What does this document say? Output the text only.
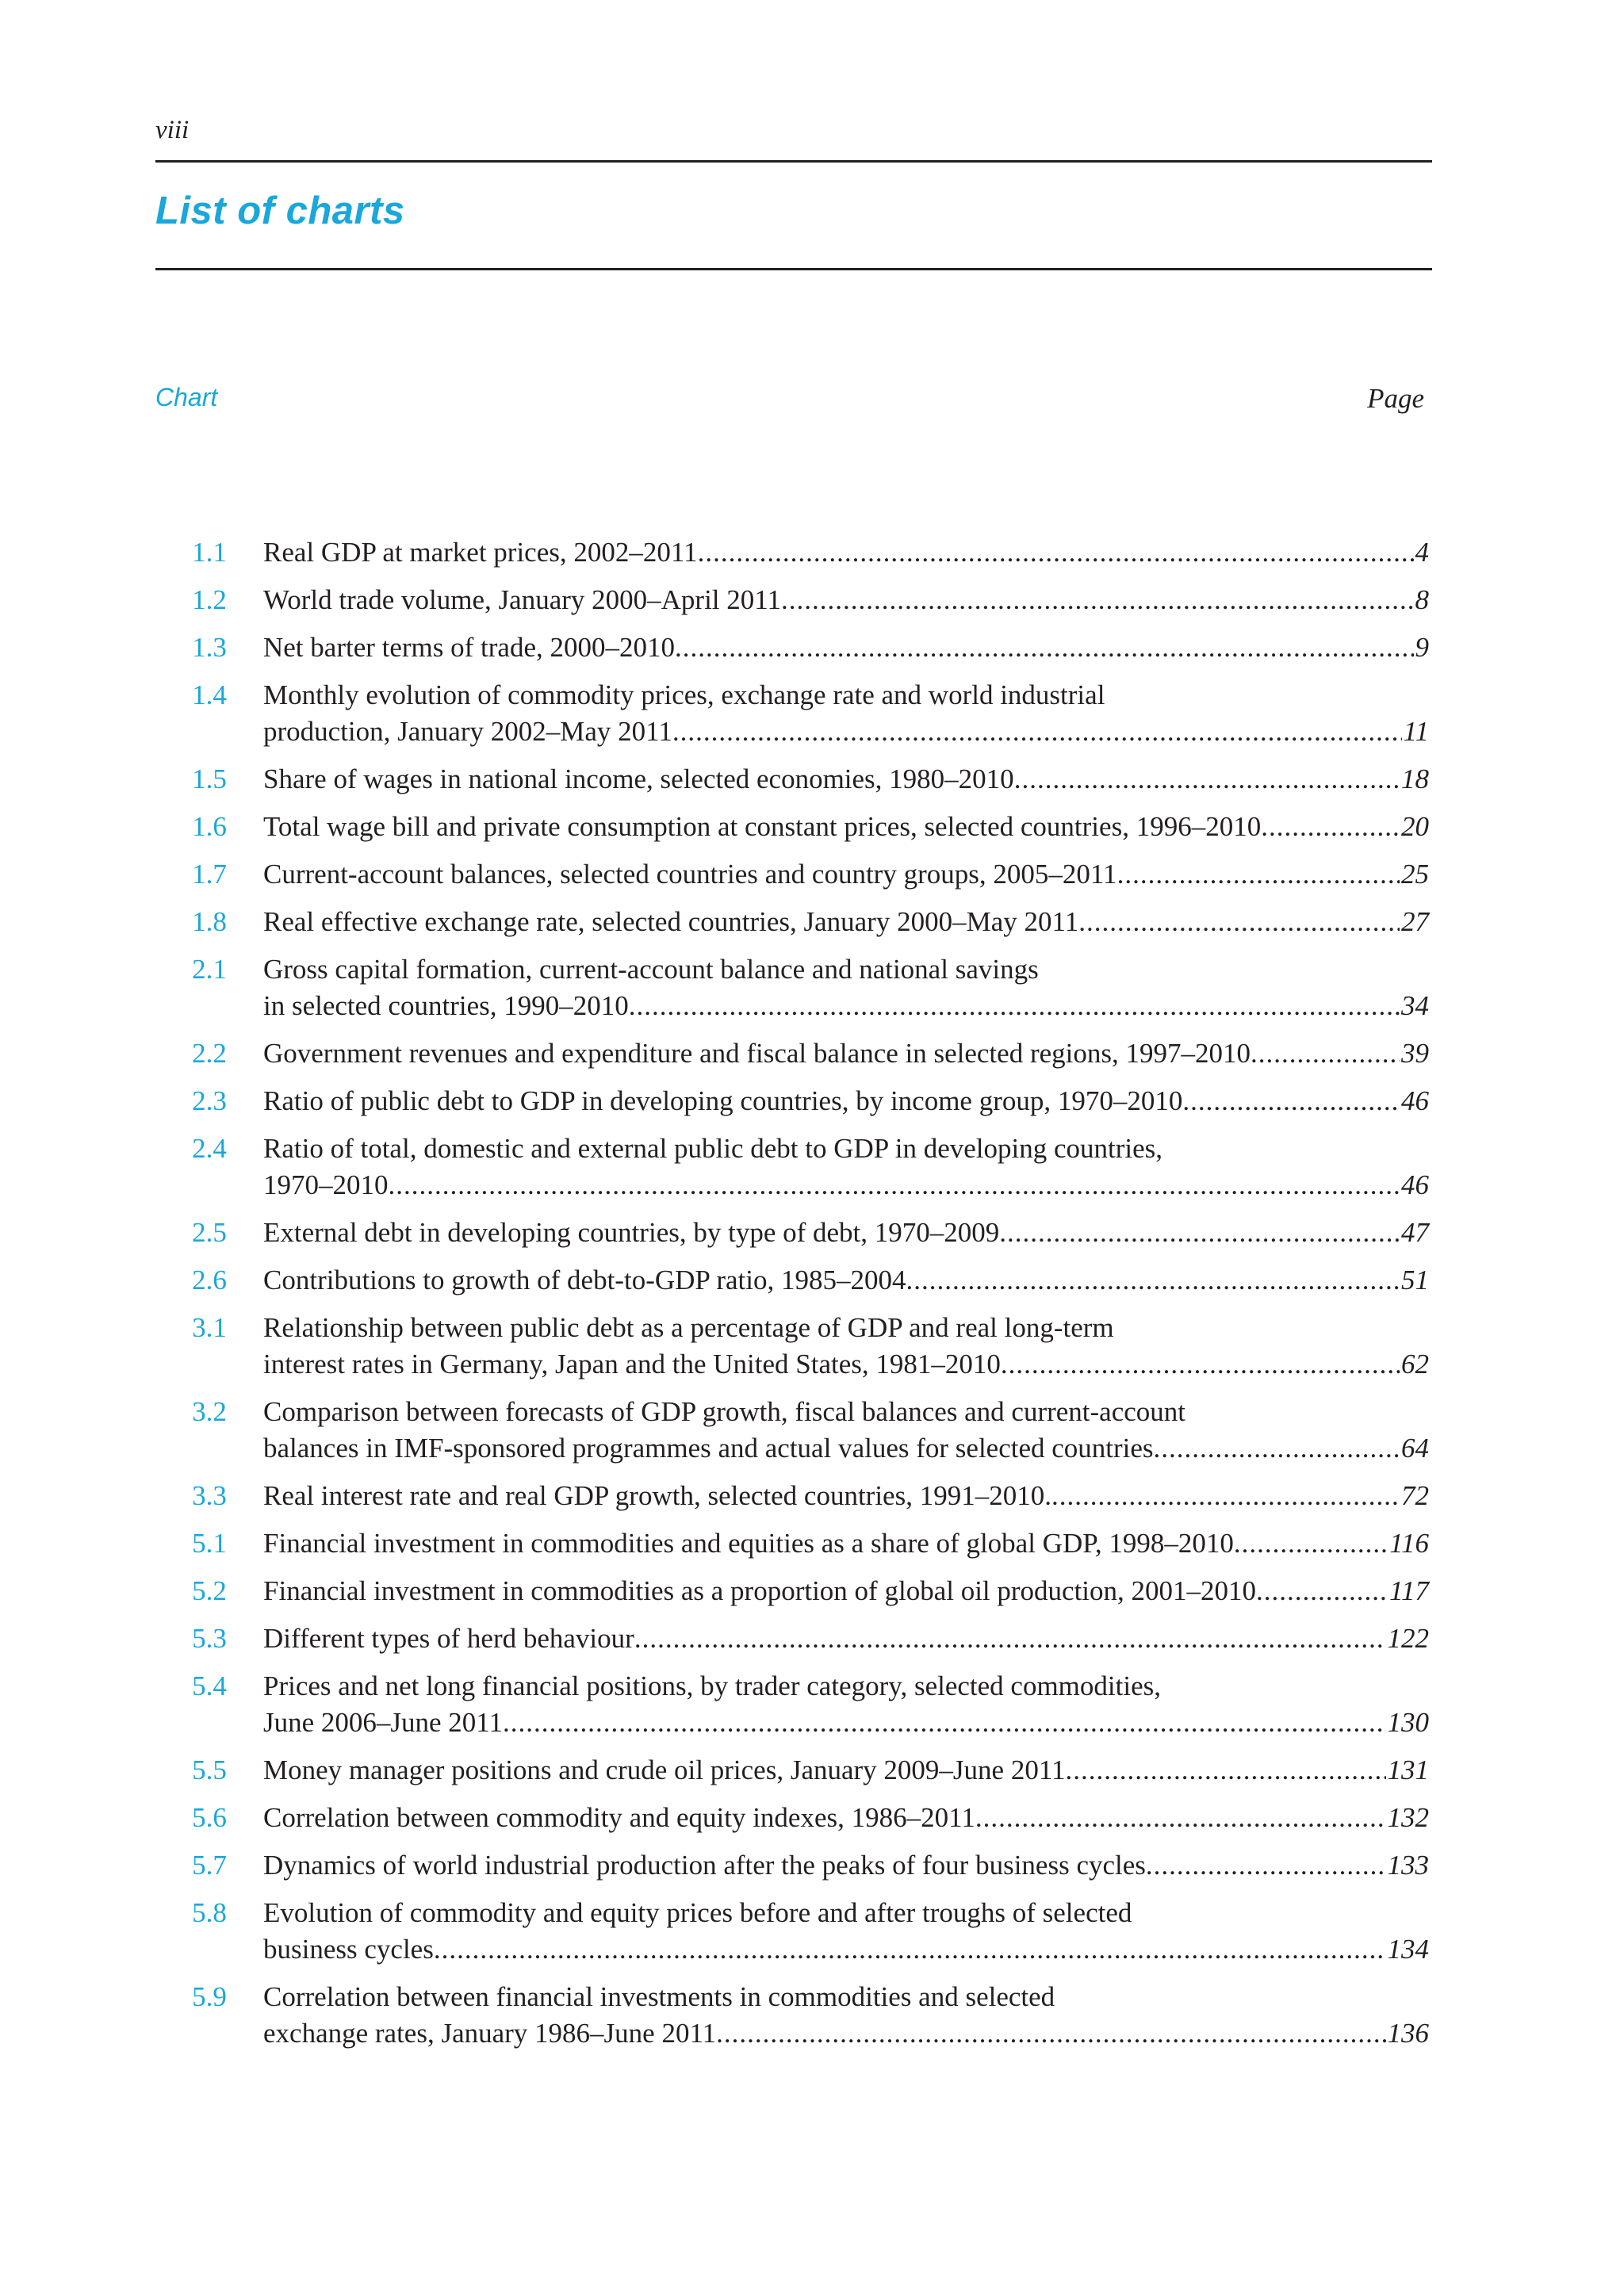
viii
List of charts
Chart	Page
1.1	Real GDP at market prices, 2002–2011 .....	4
1.2	World trade volume, January 2000–April 2011 .....	8
1.3	Net barter terms of trade, 2000–2010 .....	9
1.4	Monthly evolution of commodity prices, exchange rate and world industrial
production, January 2002–May 2011 .....	11
1.5	Share of wages in national income, selected economies, 1980–2010 .....	18
1.6	Total wage bill and private consumption at constant prices, selected countries, 1996–2010 .....	20
1.7	Current-account balances, selected countries and country groups, 2005–2011 .....	25
1.8	Real effective exchange rate, selected countries, January 2000–May 2011 .....	27
2.1	Gross capital formation, current-account balance and national savings
in selected countries, 1990–2010 .....	34
2.2	Government revenues and expenditure and fiscal balance in selected regions, 1997–2010 .....	39
2.3	Ratio of public debt to GDP in developing countries, by income group, 1970–2010 .....	46
2.4	Ratio of total, domestic and external public debt to GDP in developing countries,
1970–2010 .....	46
2.5	External debt in developing countries, by type of debt, 1970–2009 .....	47
2.6	Contributions to growth of debt-to-GDP ratio, 1985–2004 .....	51
3.1	Relationship between public debt as a percentage of GDP and real long-term
interest rates in Germany, Japan and the United States, 1981–2010 .....	62
3.2	Comparison between forecasts of GDP growth, fiscal balances and current-account
balances in IMF-sponsored programmes and actual values for selected countries .....	64
3.3	Real interest rate and real GDP growth, selected countries, 1991–2010. .....	72
5.1	Financial investment in commodities and equities as a share of global GDP, 1998–2010 .....	116
5.2	Financial investment in commodities as a proportion of global oil production, 2001–2010 .....	117
5.3	Different types of herd behaviour .....	122
5.4	Prices and net long financial positions, by trader category, selected commodities,
June 2006–June 2011 .....	130
5.5	Money manager positions and crude oil prices, January 2009–June 2011 .....	131
5.6	Correlation between commodity and equity indexes, 1986–2011 .....	132
5.7	Dynamics of world industrial production after the peaks of four business cycles .....	133
5.8	Evolution of commodity and equity prices before and after troughs of selected
business cycles .....	134
5.9	Correlation between financial investments in commodities and selected
exchange rates, January 1986–June 2011 .....	136
